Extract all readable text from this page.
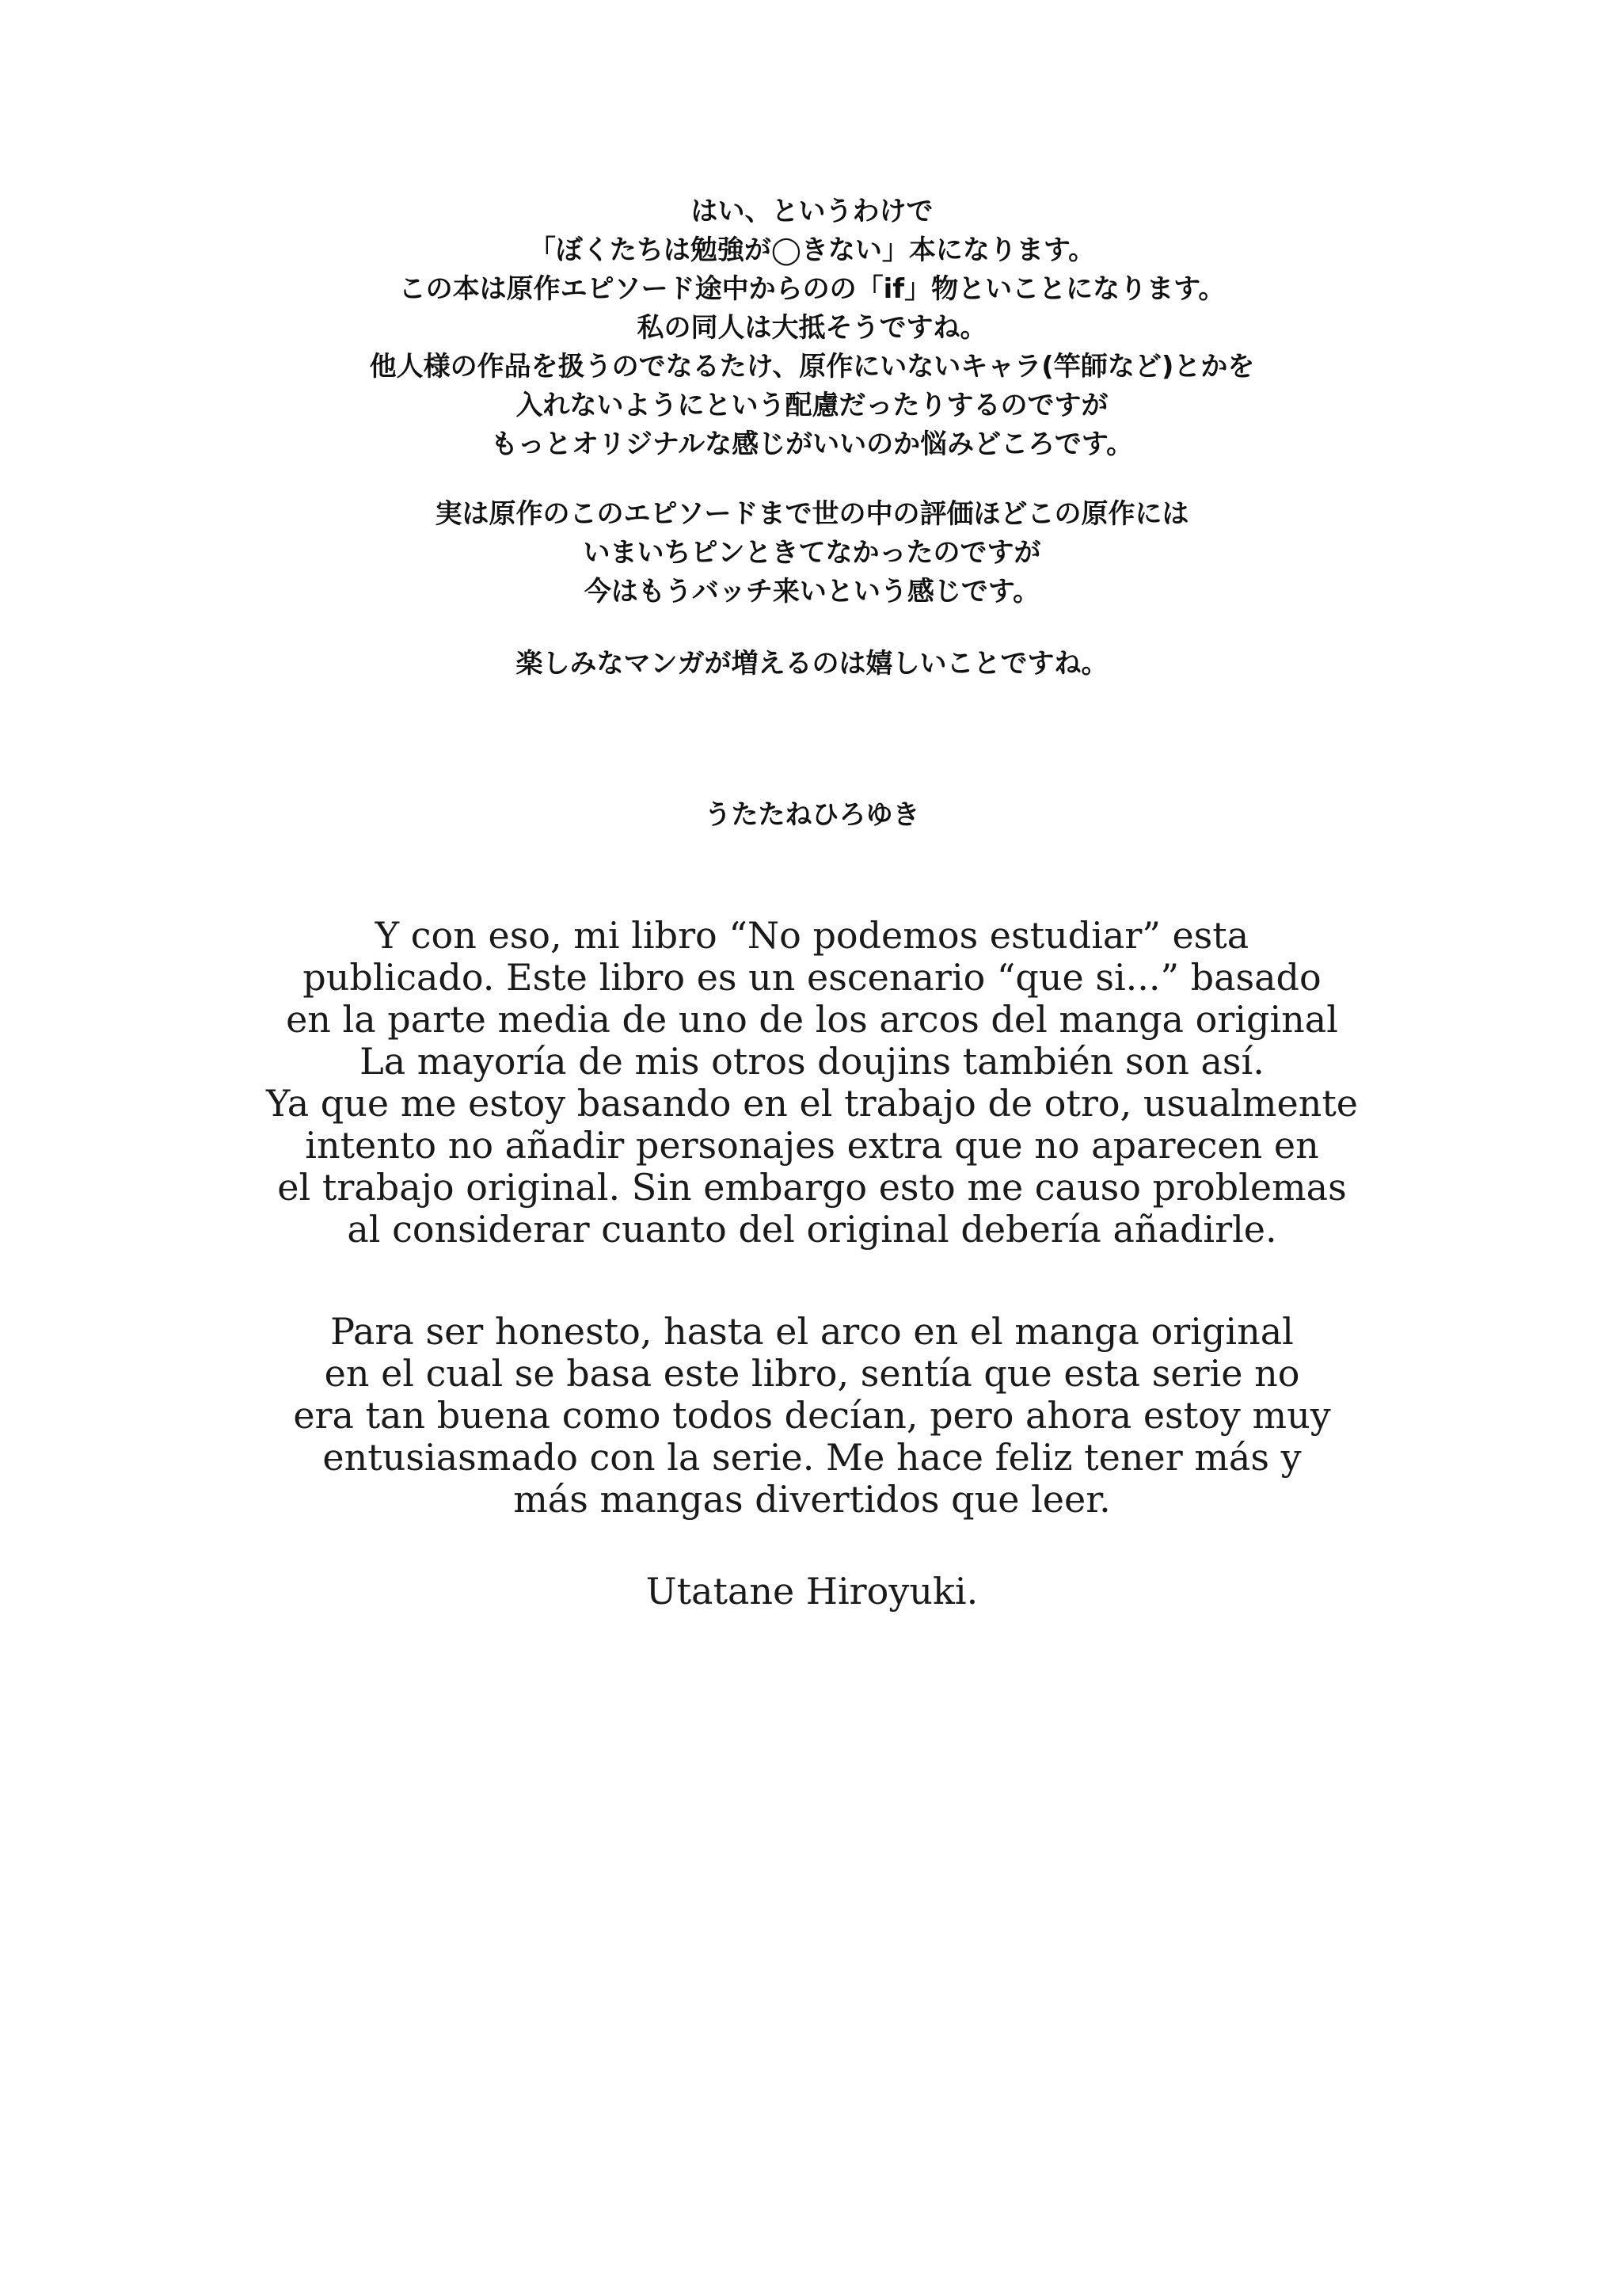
はい、というわけで
「ぼくたちは勉強が◯きない」本になります。
この本は原作エピソード途中からのの「if」物といことになります。
私の同人は大抵そうですね。
他人様の作品を扱うのでなるたけ、原作にいないキャラ(竿師など)とかを
入れないようにという配慮だったりするのですが
もっとオリジナルな感じがいいのか悩みどころです。
実は原作のこのエピソードまで世の中の評価ほどこの原作には
いまいちピンときてなかったのですが
今はもうバッチ来いという感じです。
楽しみなマンガが増えるのは嬉しいことですね。
うたたねひろゆき
Y con eso, mi libro “No podemos estudiar” esta
publicado. Este libro es un escenario “que si...” basado
en la parte media de uno de los arcos del manga original
La mayoría de mis otros doujins también son así.
Ya que me estoy basando en el trabajo de otro, usualmente
intento no añadir personajes extra que no aparecen en
el trabajo original. Sin embargo esto me causo problemas
al considerar cuanto del original debería añadirle.
Para ser honesto, hasta el arco en el manga original
en el cual se basa este libro, sentía que esta serie no
era tan buena como todos decían, pero ahora estoy muy
entusiasmado con la serie. Me hace feliz tener más y
más mangas divertidos que leer.
Utatane Hiroyuki.
